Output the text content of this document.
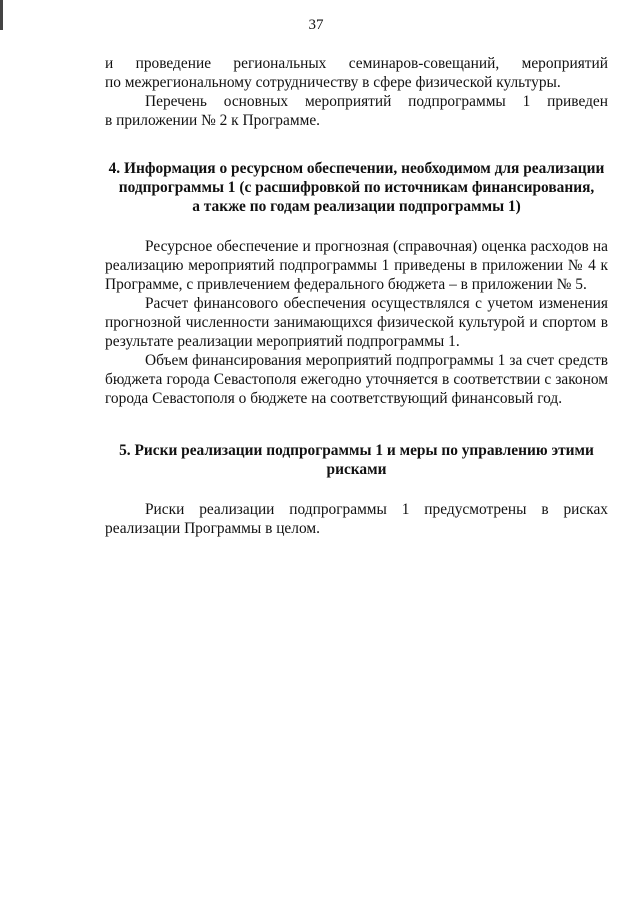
37

и проведение региональных семинаров-совещаний, мероприятий
по межрегиональному сотрудничеству в сфере физической культуры.

Перечень основных мероприятий подпрограммы 1 приведен

в приложении № 2 к Программе.

4. Информация о ресурсном обеспечении, необходимом для реализации
подпрограммы 1 (с расшифровкой по источникам финансирования,
а также по годам реализации подпрограммы 1)

Ресурсное обеспечение и прогнозная (справочная) оценка расходов на реализацию мероприятий подпрограммы 1 приведены в приложении № 4 к Программе, с привлечением федерального бюджета – в приложении № 5.

Расчет финансового обеспечения осуществлялся с учетом изменения прогнозной численности занимающихся физической культурой и спортом в результате реализации мероприятий подпрограммы 1.

Объем финансирования мероприятий подпрограммы 1 за счет средств бюджета города Севастополя ежегодно уточняется в соответствии с законом города Севастополя о бюджете на соответствующий финансовый год.

5. Риски реализации подпрограммы 1 и меры по управлению этими
рисками

Риски реализации подпрограммы 1 предусмотрены в рисках реализации Программы в целом.
